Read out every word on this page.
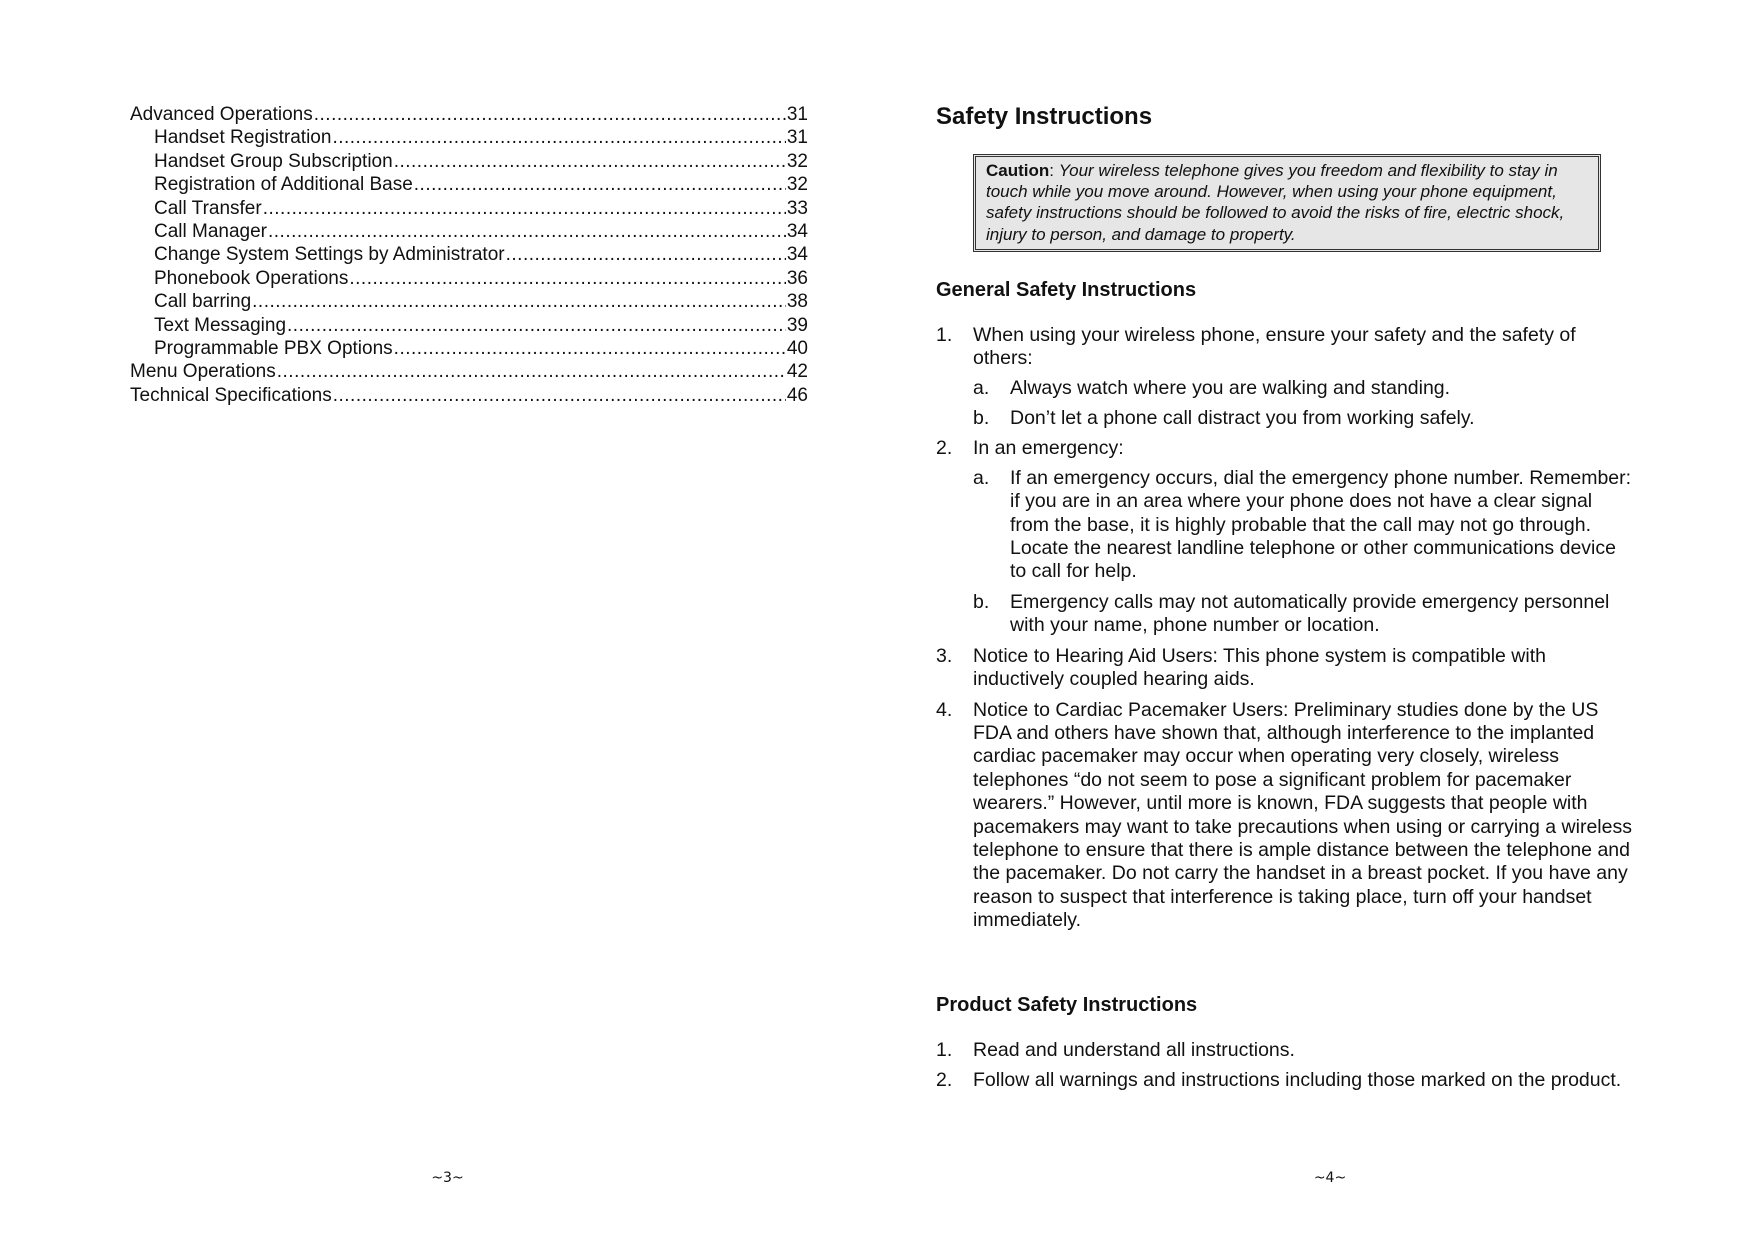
Advanced Operations .....	31
Handset Registration .....	31
Handset Group Subscription .....	32
Registration of Additional Base .....	32
Call Transfer .....	33
Call Manager .....	34
Change System Settings by Administrator .....	34
Phonebook Operations .....	36
Call barring .....	38
Text Messaging .....	39
Programmable PBX Options .....	40
Menu Operations .....	42
Technical Specifications .....	46
~3~
Safety Instructions
Caution: Your wireless telephone gives you freedom and flexibility to stay in touch while you move around. However, when using your phone equipment, safety instructions should be followed to avoid the risks of fire, electric shock, injury to person, and damage to property.
General Safety Instructions
1. When using your wireless phone, ensure your safety and the safety of others:
a. Always watch where you are walking and standing.
b. Don’t let a phone call distract you from working safely.
2. In an emergency:
a. If an emergency occurs, dial the emergency phone number. Remember: if you are in an area where your phone does not have a clear signal from the base, it is highly probable that the call may not go through. Locate the nearest landline telephone or other communications device to call for help.
b. Emergency calls may not automatically provide emergency personnel with your name, phone number or location.
3. Notice to Hearing Aid Users: This phone system is compatible with inductively coupled hearing aids.
4. Notice to Cardiac Pacemaker Users: Preliminary studies done by the US FDA and others have shown that, although interference to the implanted cardiac pacemaker may occur when operating very closely, wireless telephones “do not seem to pose a significant problem for pacemaker wearers.” However, until more is known, FDA suggests that people with pacemakers may want to take precautions when using or carrying a wireless telephone to ensure that there is ample distance between the telephone and the pacemaker. Do not carry the handset in a breast pocket. If you have any reason to suspect that interference is taking place, turn off your handset immediately.
Product Safety Instructions
1. Read and understand all instructions.
2. Follow all warnings and instructions including those marked on the product.
~4~
